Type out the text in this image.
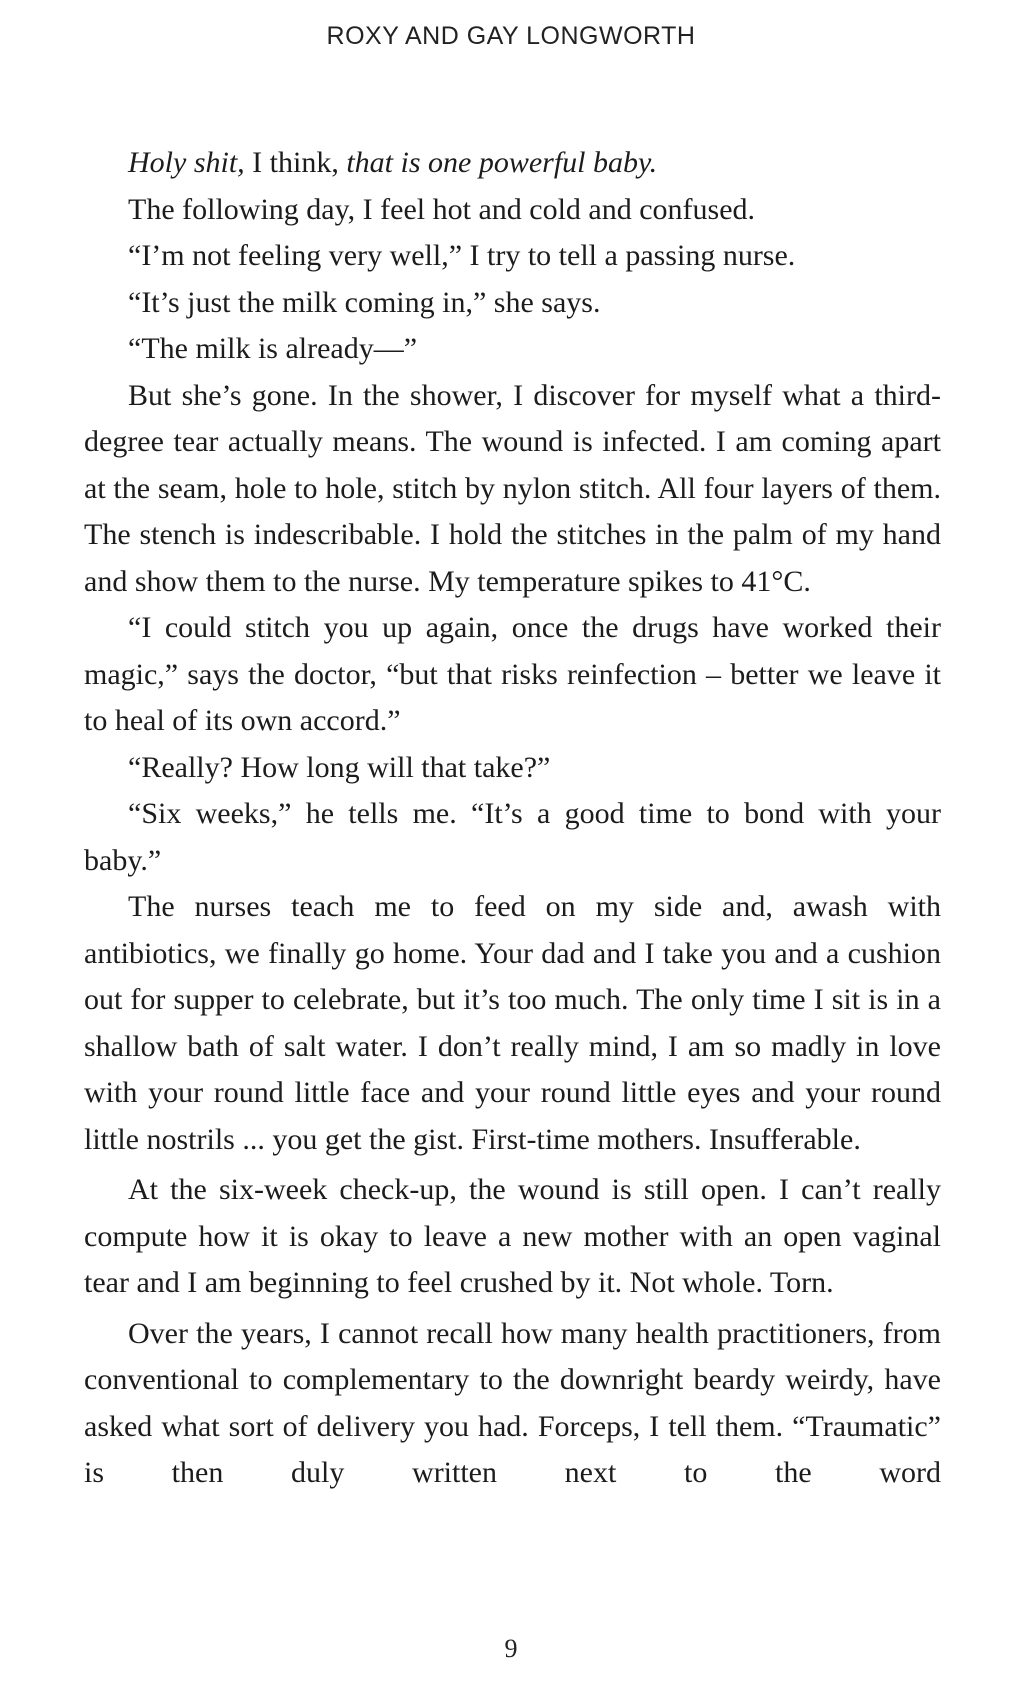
ROXY AND GAY LONGWORTH

Holy shit, I think, that is one powerful baby.

The following day, I feel hot and cold and confused.

“I’m not feeling very well,” I try to tell a passing nurse.

“It’s just the milk coming in,” she says.

“The milk is already—”

But she’s gone. In the shower, I discover for myself what a third-degree tear actually means. The wound is infected. I am coming apart at the seam, hole to hole, stitch by nylon stitch. All four layers of them. The stench is indescribable. I hold the stitches in the palm of my hand and show them to the nurse. My temperature spikes to 41°C.

“I could stitch you up again, once the drugs have worked their magic,” says the doctor, “but that risks reinfection – better we leave it to heal of its own accord.”

“Really? How long will that take?”

“Six weeks,” he tells me. “It’s a good time to bond with your baby.”

The nurses teach me to feed on my side and, awash with antibiotics, we finally go home. Your dad and I take you and a cushion out for supper to celebrate, but it’s too much. The only time I sit is in a shallow bath of salt water. I don’t really mind, I am so madly in love with your round little face and your round little eyes and your round little nostrils ... you get the gist. First-time mothers. Insufferable.

At the six-week check-up, the wound is still open. I can’t really compute how it is okay to leave a new mother with an open vaginal tear and I am beginning to feel crushed by it. Not whole. Torn.

Over the years, I cannot recall how many health practitioners, from conventional to complementary to the downright beardy weirdy, have asked what sort of delivery you had. Forceps, I tell them. “Traumatic” is then duly written next to the word

9
